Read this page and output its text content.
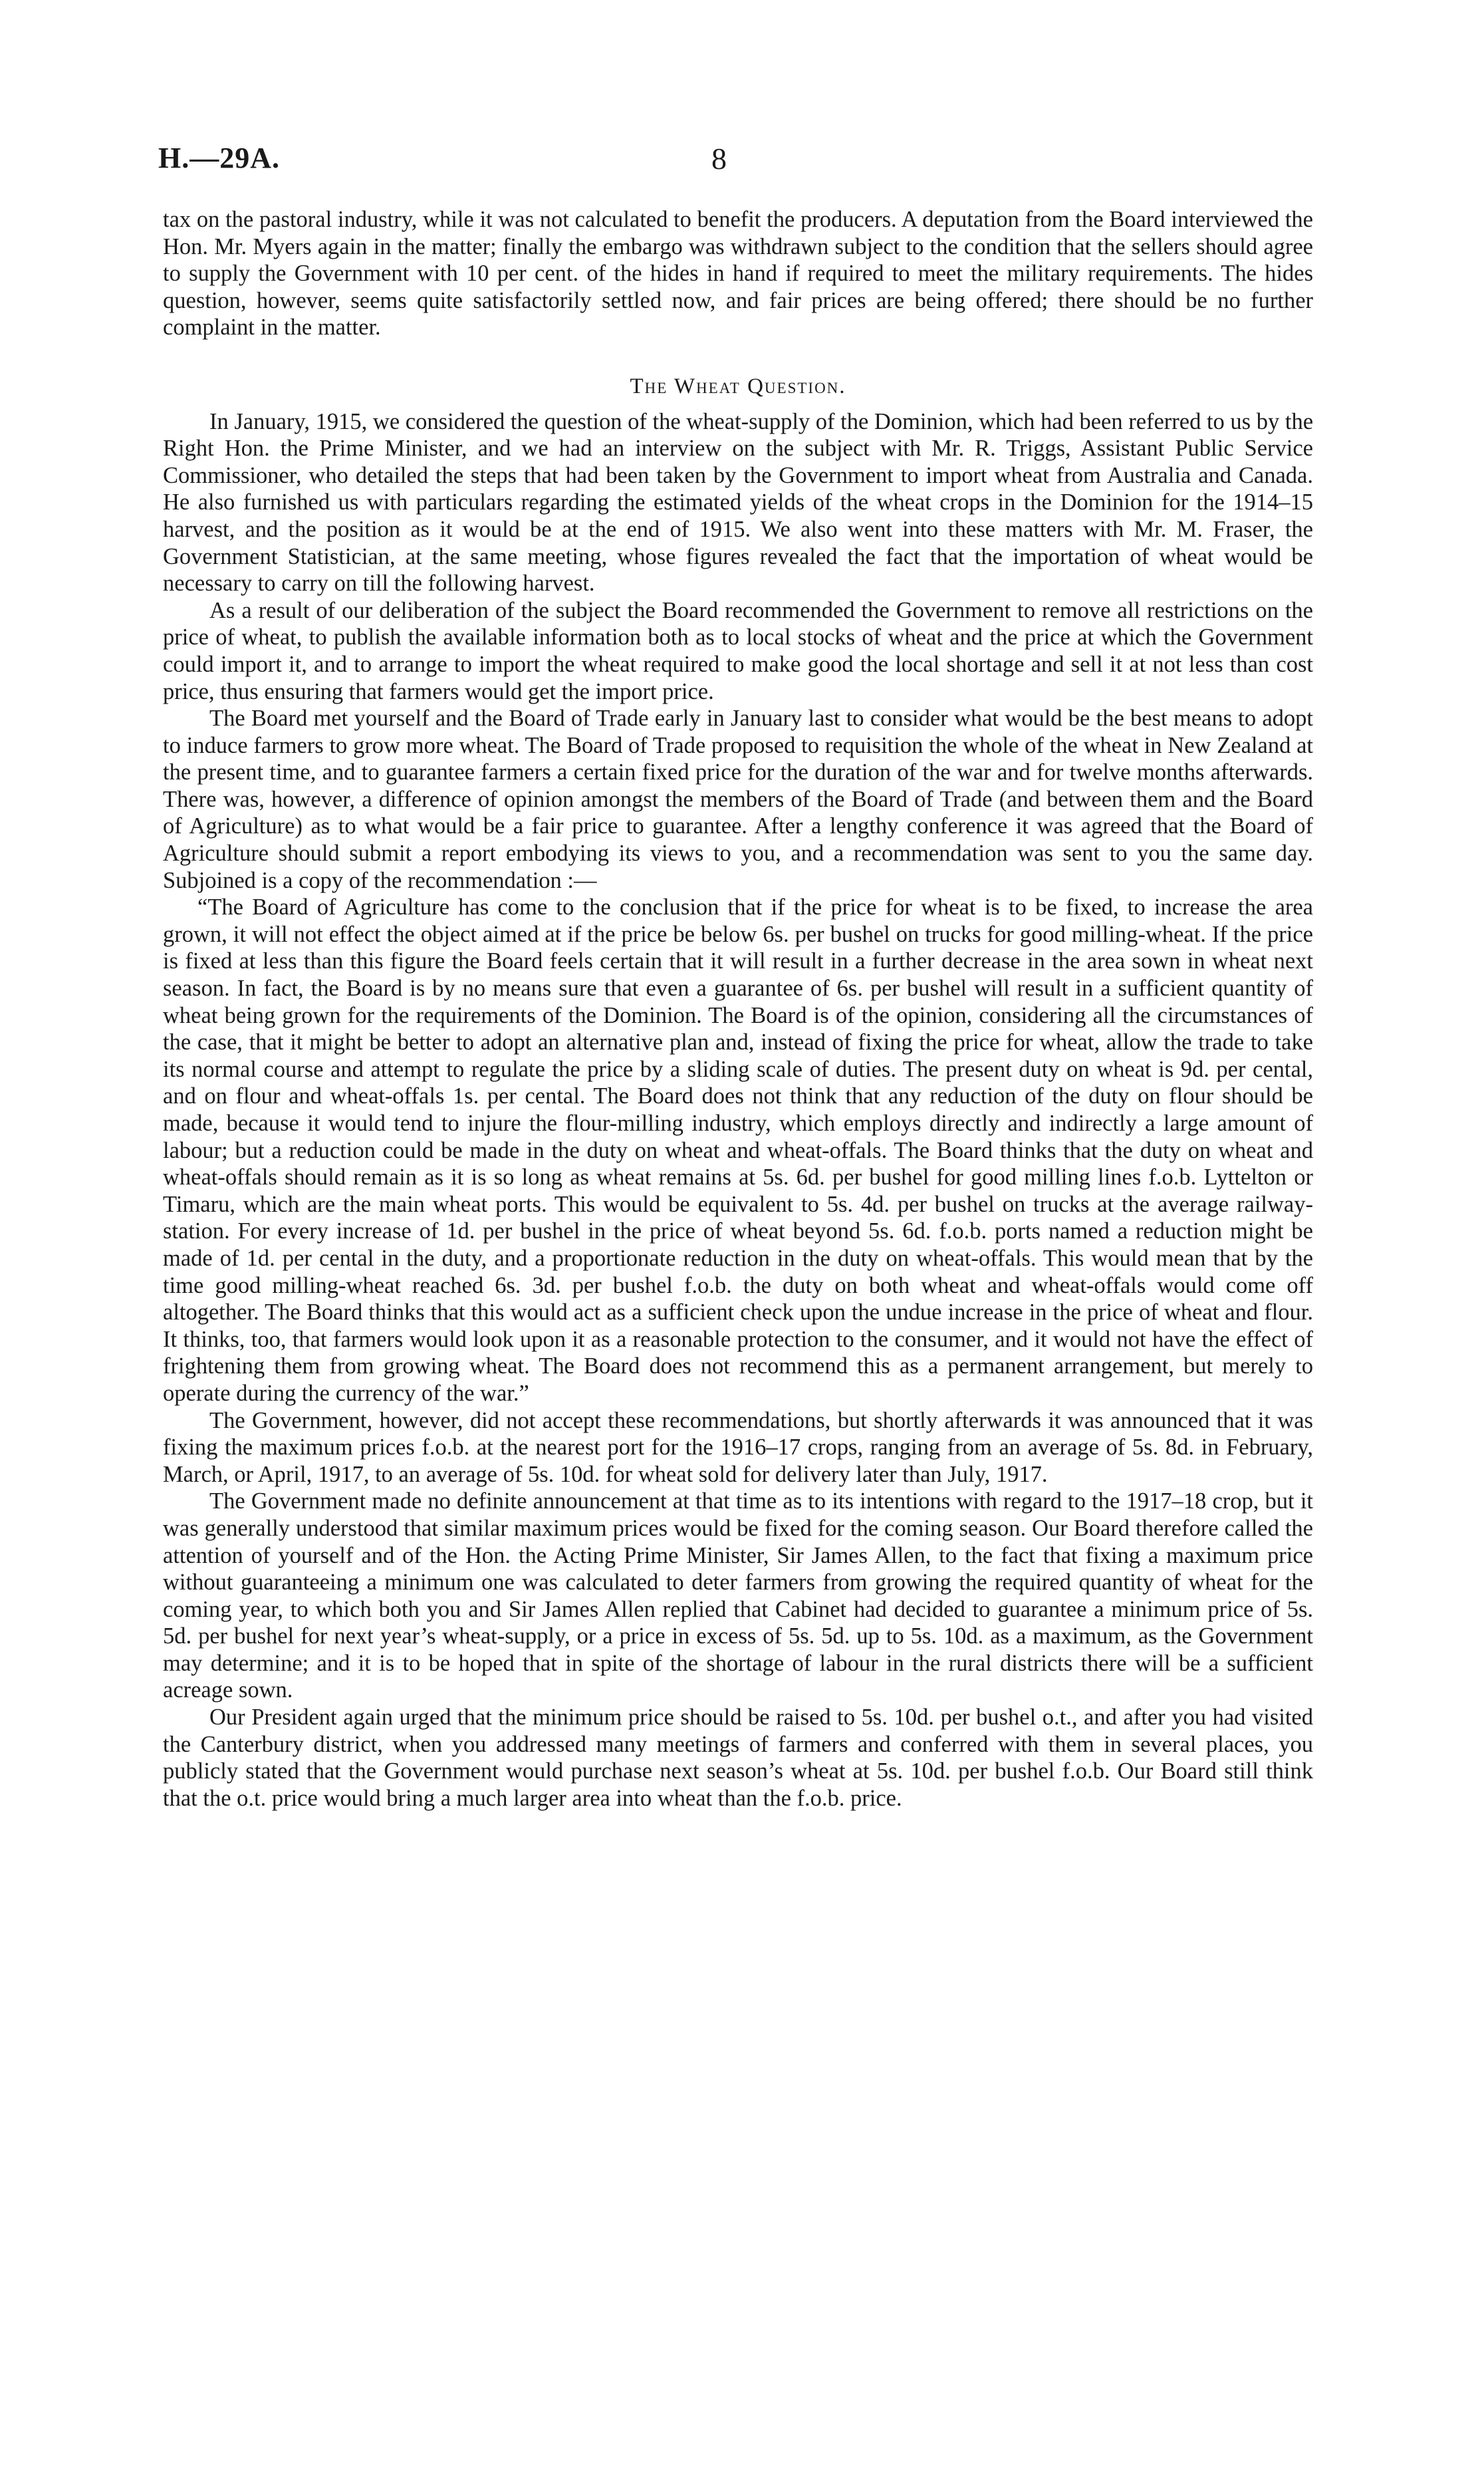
H.—29A.	8

tax on the pastoral industry, while it was not calculated to benefit the producers. A deputation from the Board interviewed the Hon. Mr. Myers again in the matter; finally the embargo was withdrawn subject to the condition that the sellers should agree to supply the Government with 10 per cent. of the hides in hand if required to meet the military requirements. The hides question, however, seems quite satisfactorily settled now, and fair prices are being offered; there should be no further complaint in the matter.

The Wheat Question.

In January, 1915, we considered the question of the wheat-supply of the Dominion, which had been referred to us by the Right Hon. the Prime Minister, and we had an interview on the subject with Mr. R. Triggs, Assistant Public Service Commissioner, who detailed the steps that had been taken by the Government to import wheat from Australia and Canada. He also furnished us with particulars regarding the estimated yields of the wheat crops in the Dominion for the 1914–15 harvest, and the position as it would be at the end of 1915. We also went into these matters with Mr. M. Fraser, the Government Statistician, at the same meeting, whose figures revealed the fact that the importation of wheat would be necessary to carry on till the following harvest.

As a result of our deliberation of the subject the Board recommended the Government to remove all restrictions on the price of wheat, to publish the available information both as to local stocks of wheat and the price at which the Government could import it, and to arrange to import the wheat required to make good the local shortage and sell it at not less than cost price, thus ensuring that farmers would get the import price.

The Board met yourself and the Board of Trade early in January last to consider what would be the best means to adopt to induce farmers to grow more wheat. The Board of Trade proposed to requisition the whole of the wheat in New Zealand at the present time, and to guarantee farmers a certain fixed price for the duration of the war and for twelve months afterwards. There was, however, a difference of opinion amongst the members of the Board of Trade (and between them and the Board of Agriculture) as to what would be a fair price to guarantee. After a lengthy conference it was agreed that the Board of Agriculture should submit a report embodying its views to you, and a recommendation was sent to you the same day. Subjoined is a copy of the recommendation :—

“The Board of Agriculture has come to the conclusion that if the price for wheat is to be fixed, to increase the area grown, it will not effect the object aimed at if the price be below 6s. per bushel on trucks for good milling-wheat. If the price is fixed at less than this figure the Board feels certain that it will result in a further decrease in the area sown in wheat next season. In fact, the Board is by no means sure that even a guarantee of 6s. per bushel will result in a sufficient quantity of wheat being grown for the requirements of the Dominion. The Board is of the opinion, considering all the circumstances of the case, that it might be better to adopt an alternative plan and, instead of fixing the price for wheat, allow the trade to take its normal course and attempt to regulate the price by a sliding scale of duties. The present duty on wheat is 9d. per cental, and on flour and wheat-offals 1s. per cental. The Board does not think that any reduction of the duty on flour should be made, because it would tend to injure the flour-milling industry, which employs directly and indirectly a large amount of labour; but a reduction could be made in the duty on wheat and wheat-offals. The Board thinks that the duty on wheat and wheat-offals should remain as it is so long as wheat remains at 5s. 6d. per bushel for good milling lines f.o.b. Lyttelton or Timaru, which are the main wheat ports. This would be equivalent to 5s. 4d. per bushel on trucks at the average railway-station. For every increase of 1d. per bushel in the price of wheat beyond 5s. 6d. f.o.b. ports named a reduction might be made of 1d. per cental in the duty, and a proportionate reduction in the duty on wheat-offals. This would mean that by the time good milling-wheat reached 6s. 3d. per bushel f.o.b. the duty on both wheat and wheat-offals would come off altogether. The Board thinks that this would act as a sufficient check upon the undue increase in the price of wheat and flour. It thinks, too, that farmers would look upon it as a reasonable protection to the consumer, and it would not have the effect of frightening them from growing wheat. The Board does not recommend this as a permanent arrangement, but merely to operate during the currency of the war.”

The Government, however, did not accept these recommendations, but shortly afterwards it was announced that it was fixing the maximum prices f.o.b. at the nearest port for the 1916–17 crops, ranging from an average of 5s. 8d. in February, March, or April, 1917, to an average of 5s. 10d. for wheat sold for delivery later than July, 1917.

The Government made no definite announcement at that time as to its intentions with regard to the 1917–18 crop, but it was generally understood that similar maximum prices would be fixed for the coming season. Our Board therefore called the attention of yourself and of the Hon. the Acting Prime Minister, Sir James Allen, to the fact that fixing a maximum price without guaranteeing a minimum one was calculated to deter farmers from growing the required quantity of wheat for the coming year, to which both you and Sir James Allen replied that Cabinet had decided to guarantee a minimum price of 5s. 5d. per bushel for next year’s wheat-supply, or a price in excess of 5s. 5d. up to 5s. 10d. as a maximum, as the Government may determine; and it is to be hoped that in spite of the shortage of labour in the rural districts there will be a sufficient acreage sown.

Our President again urged that the minimum price should be raised to 5s. 10d. per bushel o.t., and after you had visited the Canterbury district, when you addressed many meetings of farmers and conferred with them in several places, you publicly stated that the Government would purchase next season’s wheat at 5s. 10d. per bushel f.o.b. Our Board still think that the o.t. price would bring a much larger area into wheat than the f.o.b. price.
